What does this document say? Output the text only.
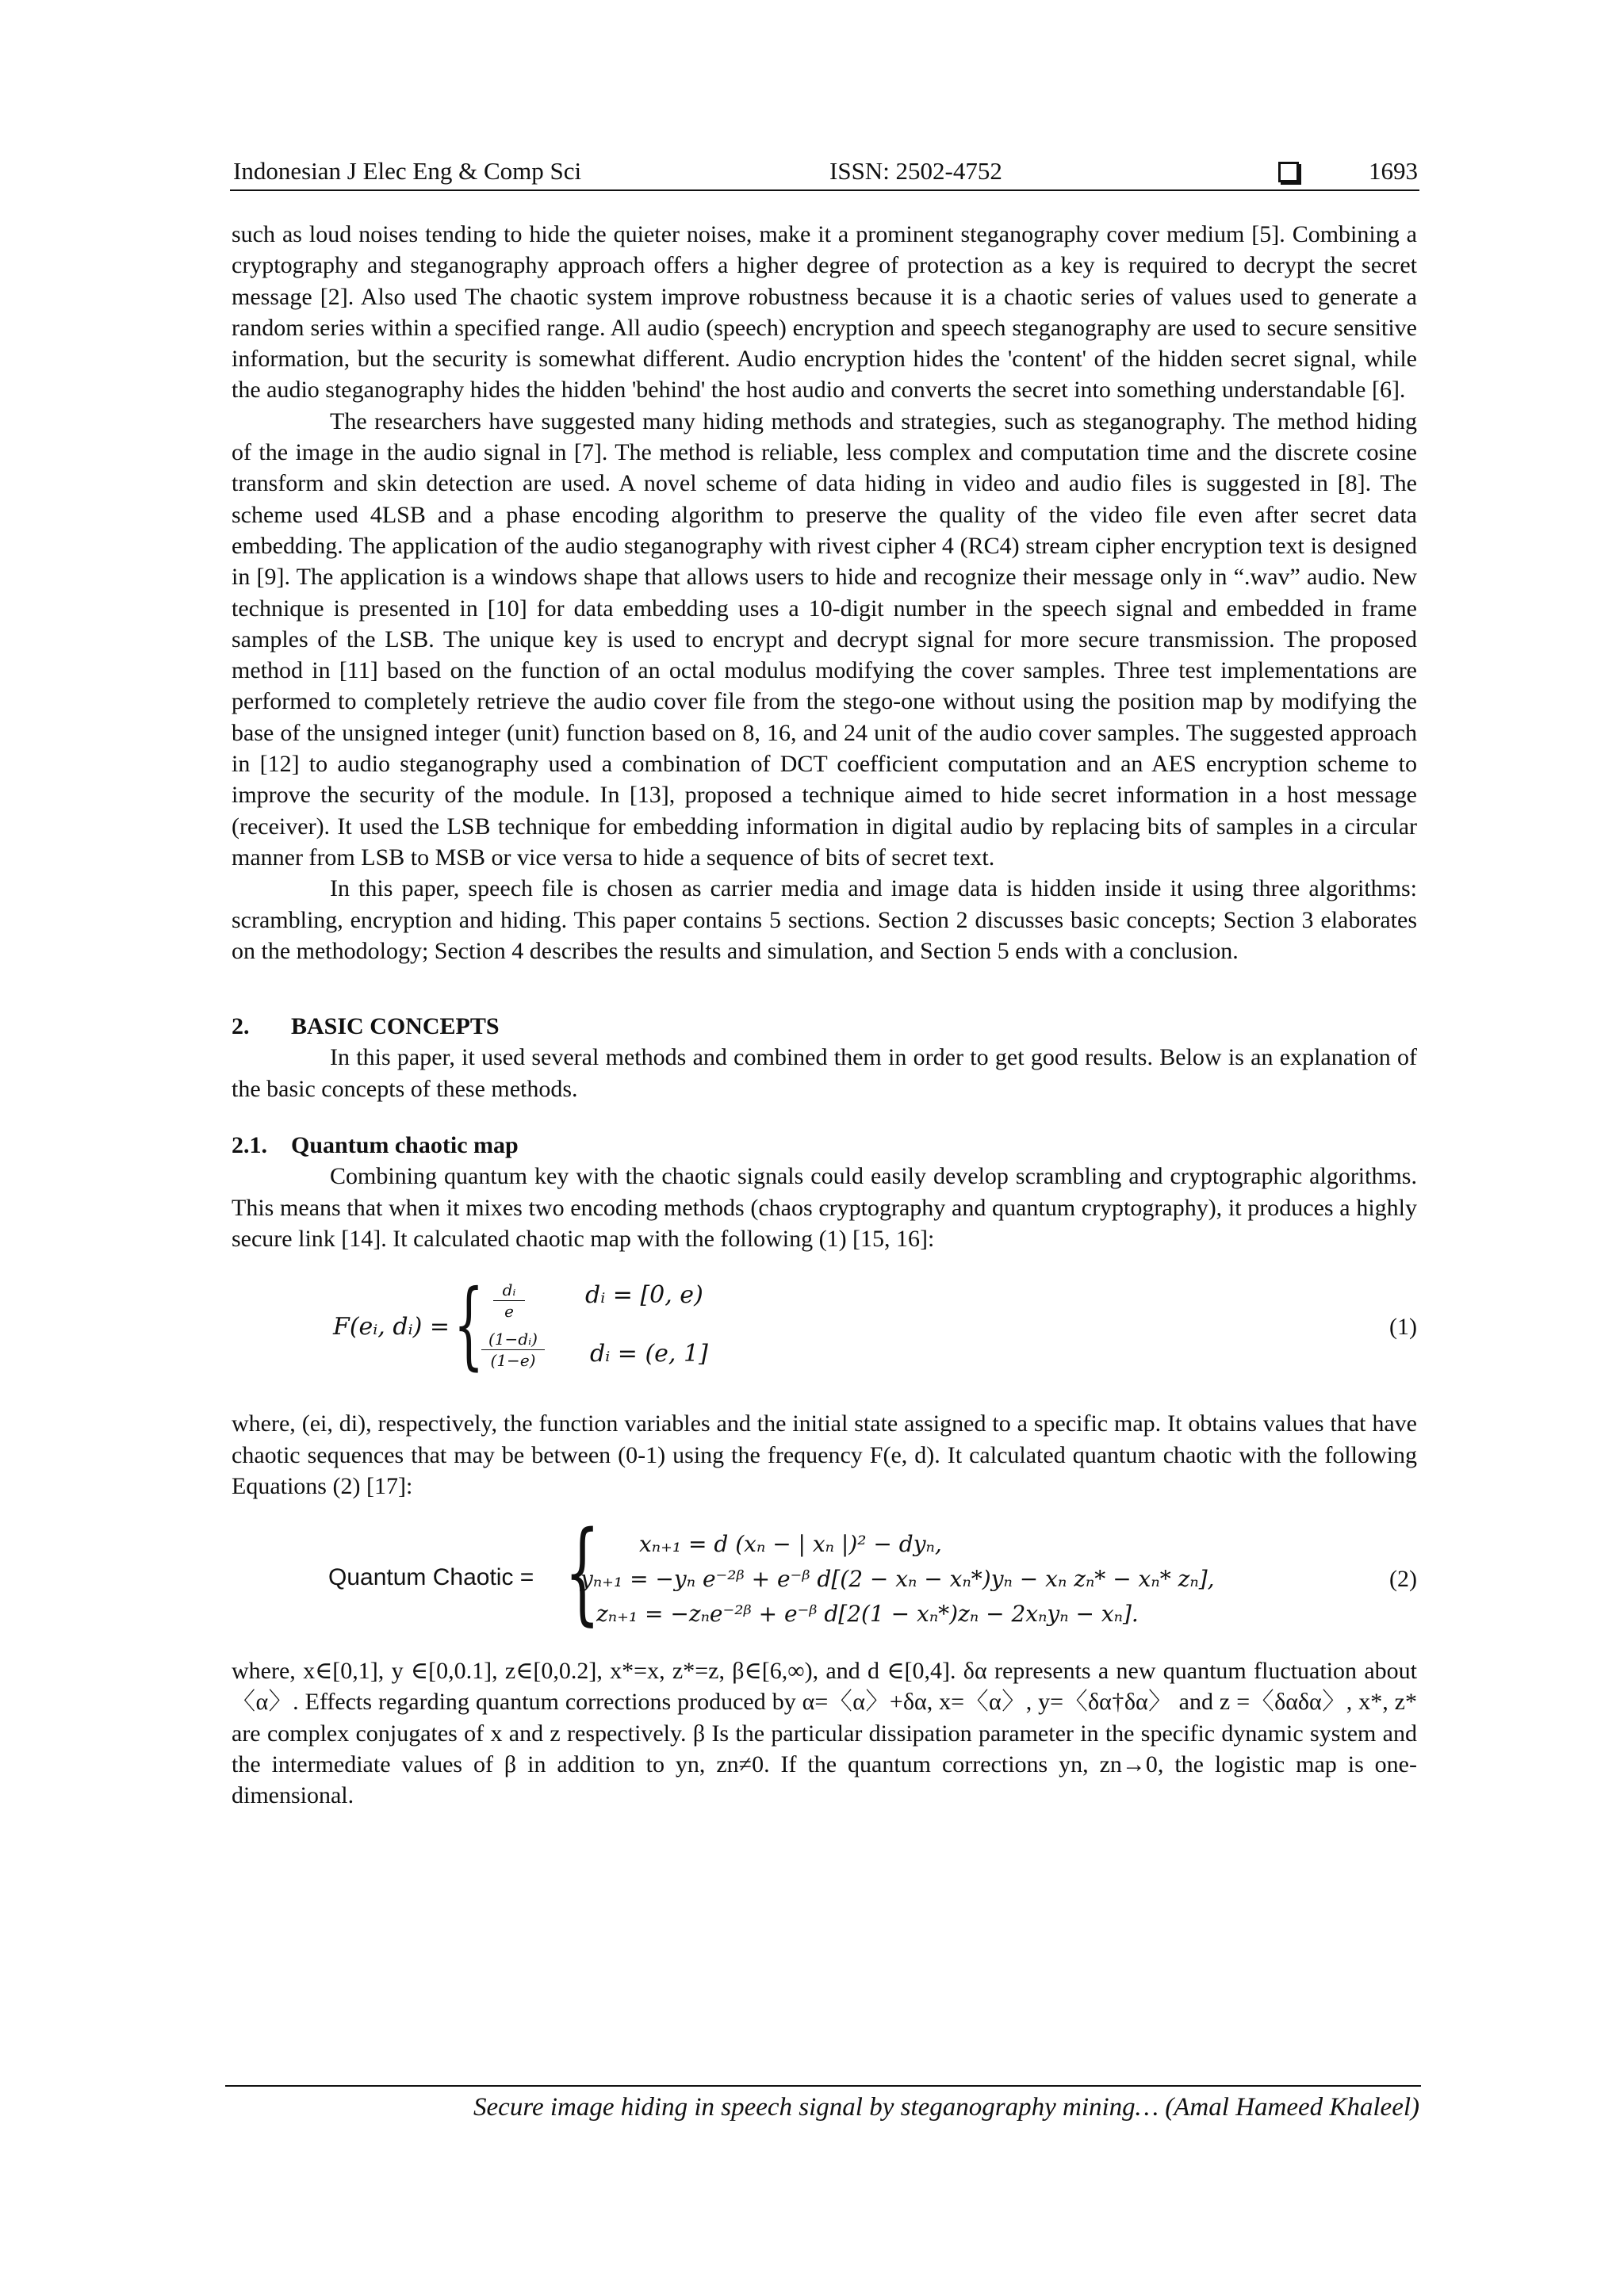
Indonesian J Elec Eng & Comp Sci	ISSN: 2502-4752	1693

such as loud noises tending to hide the quieter noises, make it a prominent steganography cover medium [5]. Combining a cryptography and steganography approach offers a higher degree of protection as a key is required to decrypt the secret message [2]. Also used The chaotic system improve robustness because it is a chaotic series of values used to generate a random series within a specified range. All audio (speech) encryption and speech steganography are used to secure sensitive information, but the security is somewhat different. Audio encryption hides the 'content' of the hidden secret signal, while the audio steganography hides the hidden 'behind' the host audio and converts the secret into something understandable [6].

The researchers have suggested many hiding methods and strategies, such as steganography. The method hiding of the image in the audio signal in [7]. The method is reliable, less complex and computation time and the discrete cosine transform and skin detection are used. A novel scheme of data hiding in video and audio files is suggested in [8]. The scheme used 4LSB and a phase encoding algorithm to preserve the quality of the video file even after secret data embedding. The application of the audio steganography with rivest cipher 4 (RC4) stream cipher encryption text is designed in [9]. The application is a windows shape that allows users to hide and recognize their message only in “.wav” audio. New technique is presented in [10] for data embedding uses a 10-digit number in the speech signal and embedded in frame samples of the LSB. The unique key is used to encrypt and decrypt signal for more secure transmission. The proposed method in [11] based on the function of an octal modulus modifying the cover samples. Three test implementations are performed to completely retrieve the audio cover file from the stego-one without using the position map by modifying the base of the unsigned integer (unit) function based on 8, 16, and 24 unit of the audio cover samples. The suggested approach in [12] to audio steganography used a combination of DCT coefficient computation and an AES encryption scheme to improve the security of the module. In [13], proposed a technique aimed to hide secret information in a host message (receiver). It used the LSB technique for embedding information in digital audio by replacing bits of samples in a circular manner from LSB to MSB or vice versa to hide a sequence of bits of secret text.

In this paper, speech file is chosen as carrier media and image data is hidden inside it using three algorithms: scrambling, encryption and hiding. This paper contains 5 sections. Section 2 discusses basic concepts; Section 3 elaborates on the methodology; Section 4 describes the results and simulation, and Section 5 ends with a conclusion.

2. BASIC CONCEPTS

In this paper, it used several methods and combined them in order to get good results. Below is an explanation of the basic concepts of these methods.

2.1. Quantum chaotic map

Combining quantum key with the chaotic signals could easily develop scrambling and cryptographic algorithms. This means that when it mixes two encoding methods (chaos cryptography and quantum cryptography), it produces a highly secure link [14]. It calculated chaotic map with the following (1) [15, 16]:

F(eᵢ, dᵢ) = {	dᵢ
e
(1−dᵢ)
(1−e)
dᵢ = [0, e)
dᵢ = (e, 1]
(1)

where, (ei, di), respectively, the function variables and the initial state assigned to a specific map. It obtains values that have chaotic sequences that may be between (0-1) using the frequency F(e, d). It calculated quantum chaotic with the following Equations (2) [17]:

Quantum Chaotic = { xₙ₊₁ = d (xₙ − | xₙ |)² − dyₙ,
yₙ₊₁ = −yₙ e⁻²ᵝ + e⁻ᵝ d[(2 − xₙ − xₙ*)yₙ − xₙ zₙ* − xₙ* zₙ],
zₙ₊₁ = −zₙe⁻²ᵝ + e⁻ᵝ d[2(1 − xₙ*)zₙ − 2xₙyₙ − xₙ].
(2)

where, x∈[0,1], y ∈[0,0.1], z∈[0,0.2], x*=x, z*=z, β∈[6,∞), and d ∈[0,4]. δα represents a new quantum fluctuation about 〈α〉. Effects regarding quantum corrections produced by α=〈α〉+δα, x=〈α〉, y=〈δα†δα〉 and z =〈δαδα〉, x*, z* are complex conjugates of x and z respectively. β Is the particular dissipation parameter in the specific dynamic system and the intermediate values of β in addition to yn, zn≠0. If the quantum corrections yn, zn→0, the logistic map is one-dimensional.

Secure image hiding in speech signal by steganography mining… (Amal Hameed Khaleel)
